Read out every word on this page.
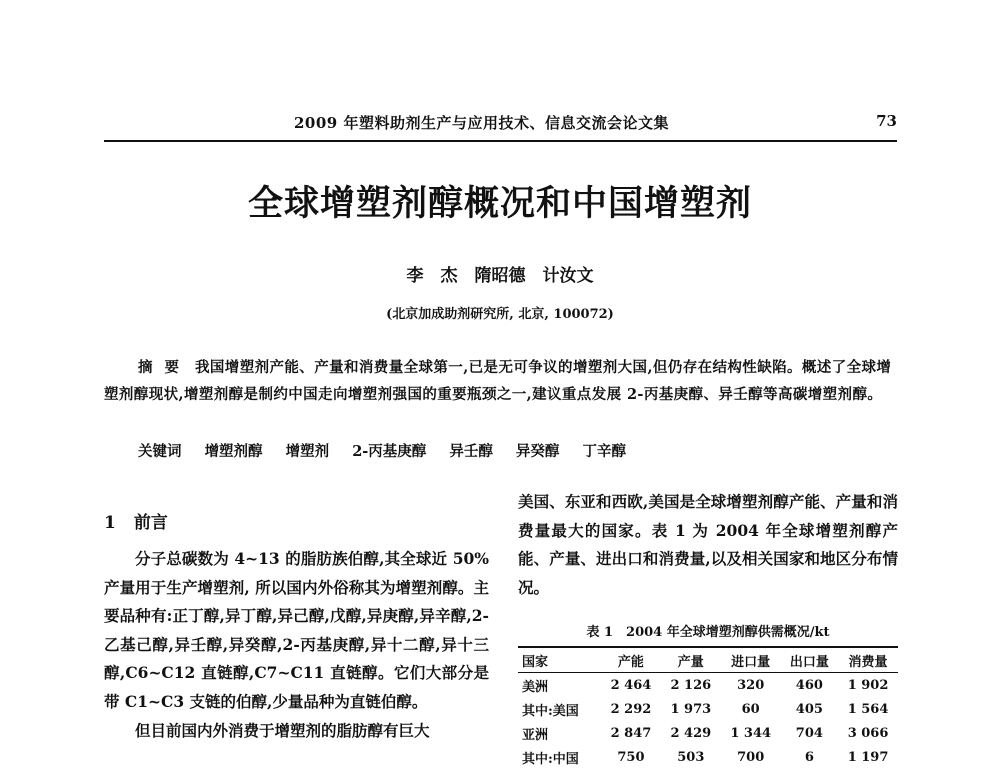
2009 年塑料助剂生产与应用技术、信息交流会论文集	73
全球增塑剂醇概况和中国增塑剂
李　杰　隋昭德　计汝文
(北京加成助剂研究所, 北京, 100072)
摘要 我国增塑剂产能、产量和消费量全球第一,已是无可争议的增塑剂大国,但仍存在结构性缺陷。概述了全球增塑剂醇现状,增塑剂醇是制约中国走向增塑剂强国的重要瓶颈之一,建议重点发展 2-丙基庚醇、异壬醇等高碳增塑剂醇。
关键词 增塑剂醇 增塑剂 2-丙基庚醇 异壬醇 异癸醇 丁辛醇
1 前言

分子总碳数为 4~13 的脂肪族伯醇,其全球近 50%产量用于生产增塑剂, 所以国内外俗称其为增塑剂醇。主要品种有:正丁醇,异丁醇,异己醇,戊醇,异庚醇,异辛醇,2-乙基己醇,异壬醇,异癸醇,2-丙基庚醇,异十二醇,异十三醇,C6~C12 直链醇,C7~C11 直链醇。它们大部分是带 C1~C3 支链的伯醇,少量品种为直链伯醇。

但目前国内外消费于增塑剂的脂肪醇有巨大

美国、东亚和西欧,美国是全球增塑剂醇产能、产量和消费量最大的国家。表 1 为 2004 年全球增塑剂醇产能、产量、进出口和消费量,以及相关国家和地区分布情况。

表 1　2004 年全球增塑剂醇供需概况/kt
国家	产能	产量	进口量	出口量	消费量
美洲	2 464	2 126	320	460	1 902
其中:美国	2 292	1 973	60	405	1 564
亚洲	2 847	2 429	1 344	704	3 066
其中:中国	750	503	700	6	1 197
